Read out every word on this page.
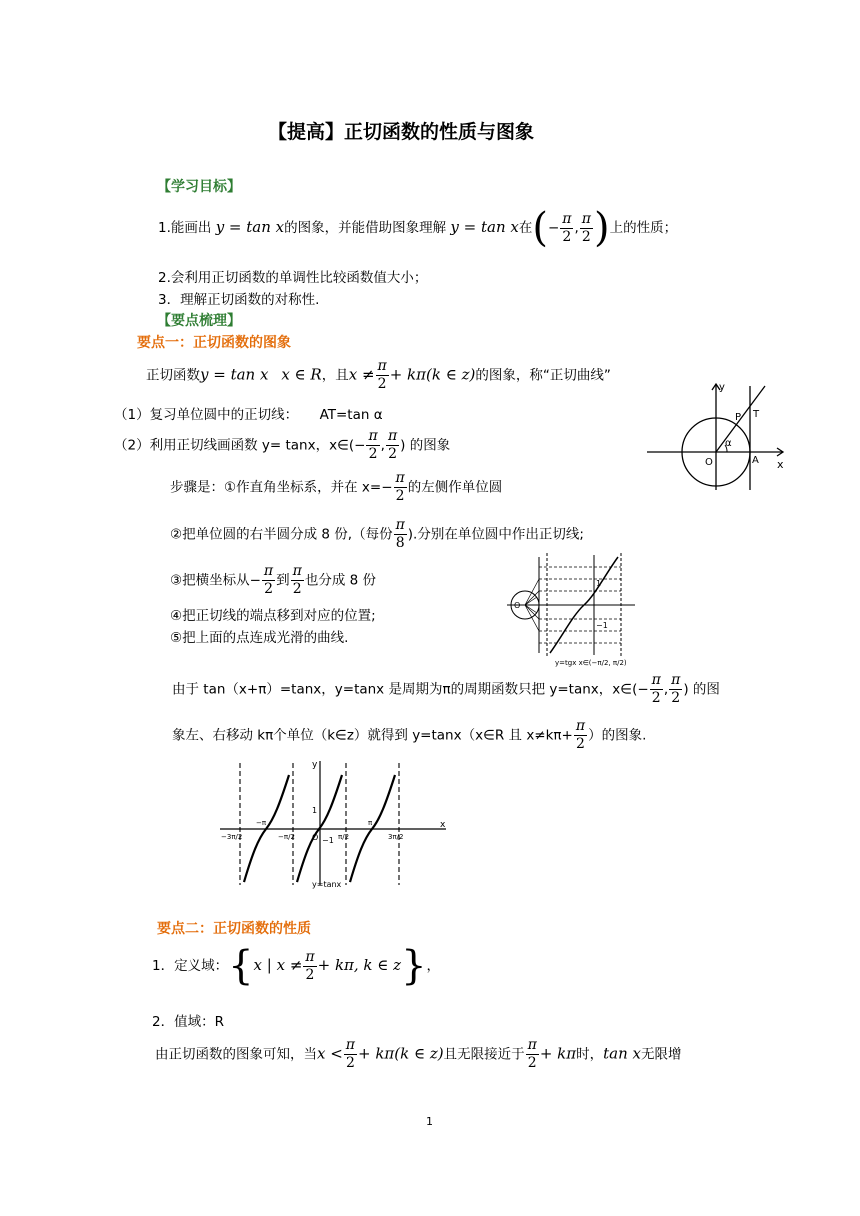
【提高】正切函数的性质与图象
【学习目标】
1.能画出 y = tan x的图象，并能借助图象理解 y = tan x在(− $\frac{\pi}{2}$ , $\frac{\pi}{2}$ )上的性质；
2.会利用正切函数的单调性比较函数值大小；
3．理解正切函数的对称性.
【要点梳理】
要点一：正切函数的图象
正切函数y = tan x x ∈ R，且$x \ne \frac{\pi}{2} + k\pi(k$ ∈ z)的图象，称“正切曲线”
（1）复习单位圆中的正切线： AT=tan α
（2）利用正切线画函数 y= tanx，x∈(− $\frac{\pi}{2}$ , $\frac{\pi}{2}$ ) 的图象
步骤是：①作直角坐标系，并在 $x=- \frac{\pi}{2}$ 的左侧作单位圆
②把单位圆的右半圆分成 8 份,（每份 $\frac{\pi}{8}$ ).分别在单位圆中作出正切线;
③把横坐标从− $\frac{\pi}{2}$ 到 $\frac{\pi}{2}$ 也分成 8 份
④把正切线的端点移到对应的位置;
⑤把上面的点连成光滑的曲线.
由于 tan（x+π）=tanx，y=tanx 是周期为π的周期函数只把 y=tanx，x∈(− $\frac{\pi}{2}$ , $\frac{\pi}{2}$ ) 的图
象左、右移动 kπ个单位（k∈z）就得到 y=tanx（x∈R 且 $x\ne k\pi+ \frac{\pi}{2}$ ）的图象.
y
x
O	A
P T
α
1
−1
O
y=tgx x∈(−π/2, π/2)
x
y
−3π/2	−π/2	π/2	3π/2
−π	π
1
−1
O
y=tanx
要点二：正切函数的性质
1．定义域：{x | $x \ne \frac{\pi}{2} + k\pi$, k ∈ z}，
2．值域：R
由正切函数的图象可知，当$x < \frac{\pi}{2} + k\pi(k$ ∈ z)且无限接近于 $\frac{\pi}{2} + k\pi$时，tan x无限增
1
